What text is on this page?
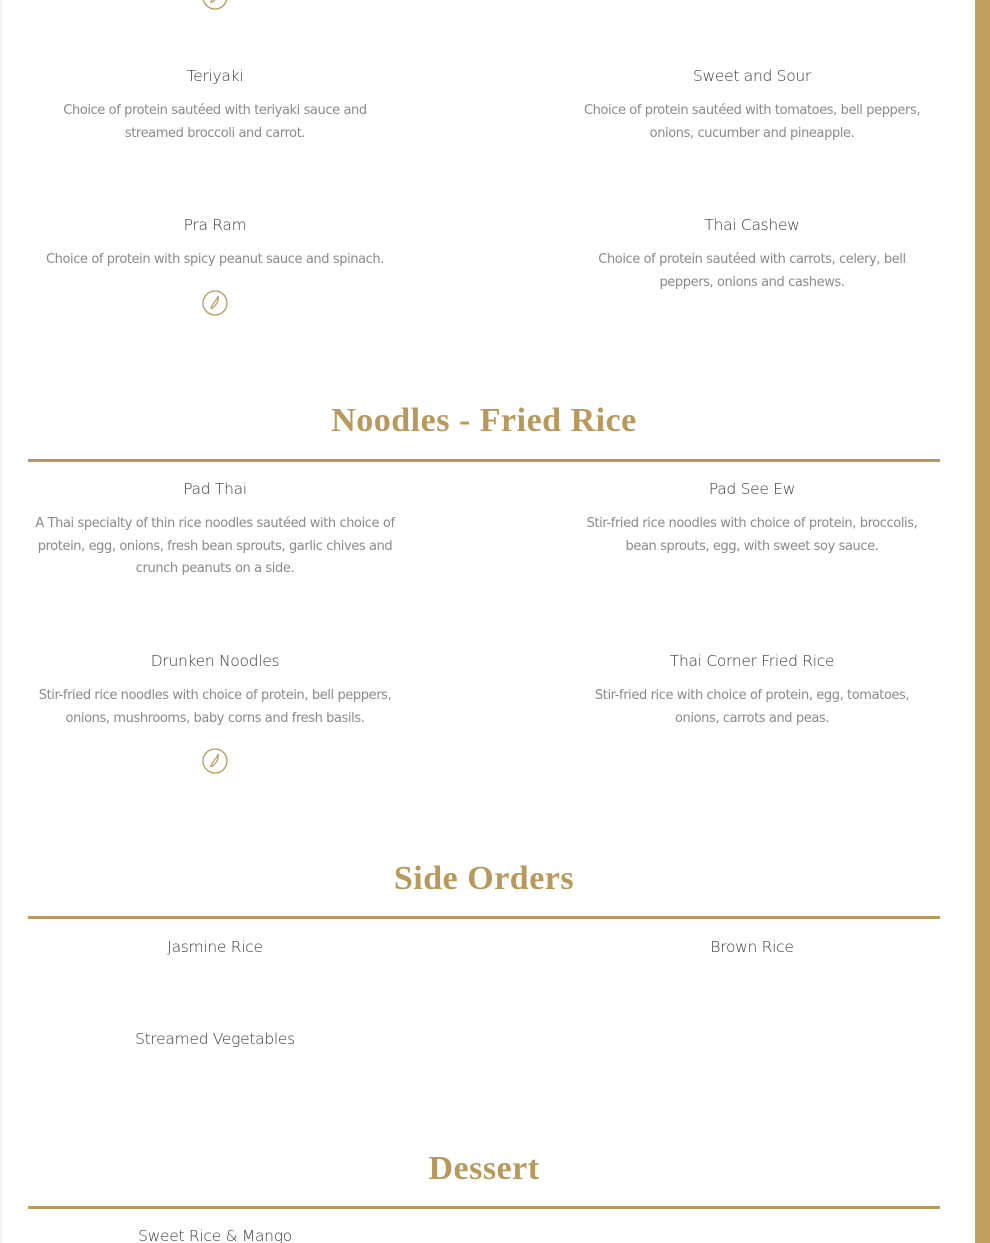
Teriyaki
Choice of protein sautéed with teriyaki sauce and streamed broccoli and carrot.
Sweet and Sour
Choice of protein sautéed with tomatoes, bell peppers, onions, cucumber and pineapple.
Pra Ram
Choice of protein with spicy peanut sauce and spinach.
Thai Cashew
Choice of protein sautéed with carrots, celery, bell peppers, onions and cashews.
Noodles - Fried Rice
Pad Thai
A Thai specialty of thin rice noodles sautéed with choice of protein, egg, onions, fresh bean sprouts, garlic chives and crunch peanuts on a side.
Pad See Ew
Stir-fried rice noodles with choice of protein, broccolis, bean sprouts, egg, with sweet soy sauce.
Drunken Noodles
Stir-fried rice noodles with choice of protein, bell peppers, onions, mushrooms, baby corns and fresh basils.
Thai Corner Fried Rice
Stir-fried rice with choice of protein, egg, tomatoes, onions, carrots and peas.
Side Orders
Jasmine Rice	Brown Rice
Streamed Vegetables
Dessert
Sweet Rice & Mango
